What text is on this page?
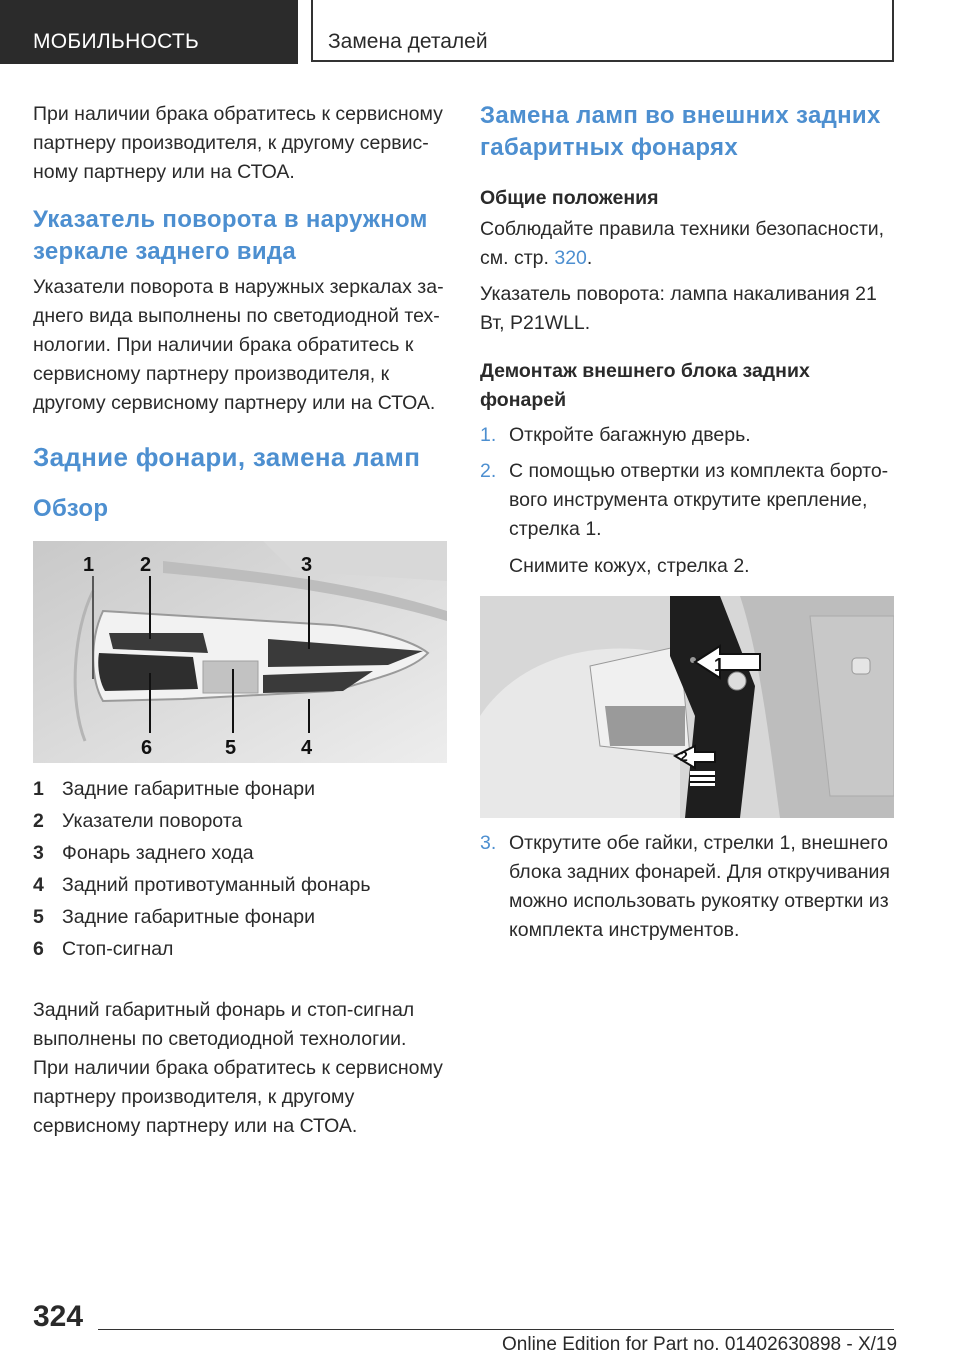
МОБИЛЬНОСТЬ	Замена деталей

При наличии брака обратитесь к сервисному партнеру производителя, к другому сервисному партнеру или на СТОА.

Указатель поворота в наружном зеркале заднего вида

Указатели поворота в наружных зеркалах заднего вида выполнены по светодиодной технологии. При наличии брака обратитесь к сервисному партнеру производителя, к другому сервисному партнеру или на СТОА.

Задние фонари, замена ламп
Обзор
1 2	3
4
5
6
1 Задние габаритные фонари
2 Указатели поворота
3 Фонарь заднего хода
4 Задний противотуманный фонарь
5 Задние габаритные фонари
6 Стоп-сигнал

Задний габаритный фонарь и стоп-сигнал выполнены по светодиодной технологии. При наличии брака обратитесь к сервисному партнеру производителя, к другому сервисному партнеру или на СТОА.

Замена ламп во внешних задних габаритных фонарях
Общие положения

Соблюдайте правила техники безопасности, см. стр. 320.

Указатель поворота: лампа накаливания 21 Вт, P21WLL.

Демонтаж внешнего блока задних фонарей
1. Откройте багажную дверь.
2. С помощью отвертки из комплекта бортового инструмента открутите крепление, стрелка 1.

Снимите кожух, стрелка 2.

1
2
3. Открутите обе гайки, стрелки 1, внешнего блока задних фонарей. Для откручивания можно использовать рукоятку отвертки из комплекта инструментов.
324
Online Edition for Part no. 01402630898 - X/19
